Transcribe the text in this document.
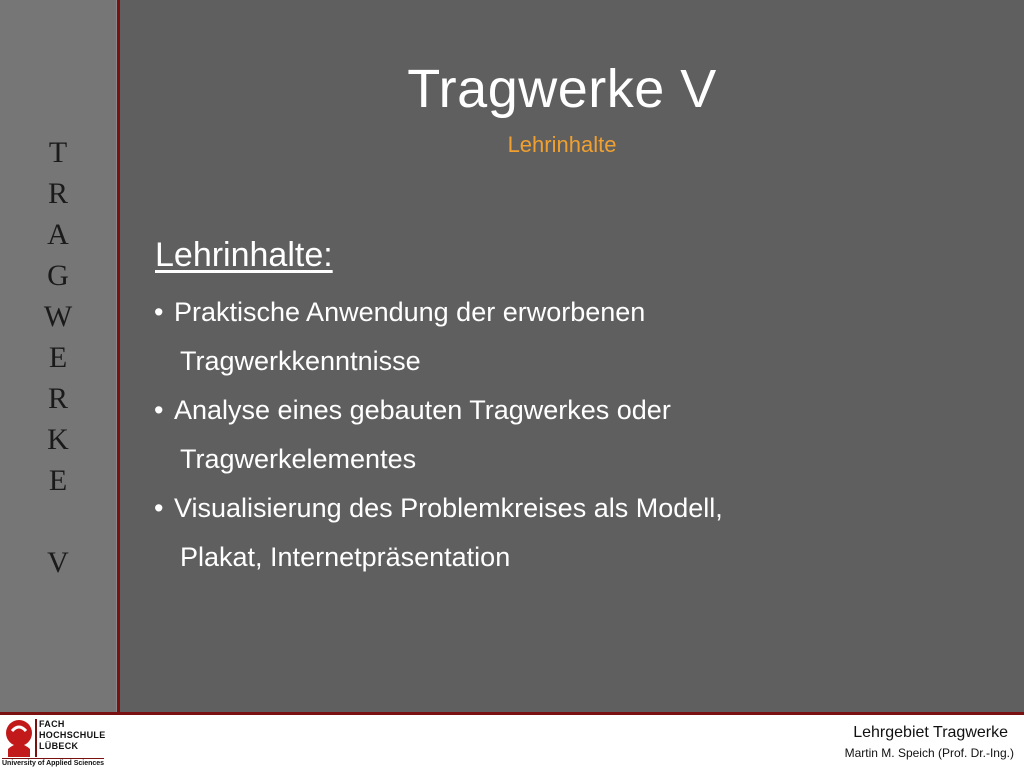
T
R
A
G
W
E
R
K
E
V
Tragwerke V
Lehrinhalte
Lehrinhalte:
• Praktische Anwendung der erworbenen
Tragwerkkenntnisse
• Analyse eines gebauten Tragwerkes oder
Tragwerkelementes
• Visualisierung des Problemkreises als Modell,
Plakat, Internetpräsentation
FACH
HOCHSCHULE
LÜBECK
University of Applied Sciences
Lehrgebiet Tragwerke
Martin M. Speich (Prof. Dr.-Ing.)
